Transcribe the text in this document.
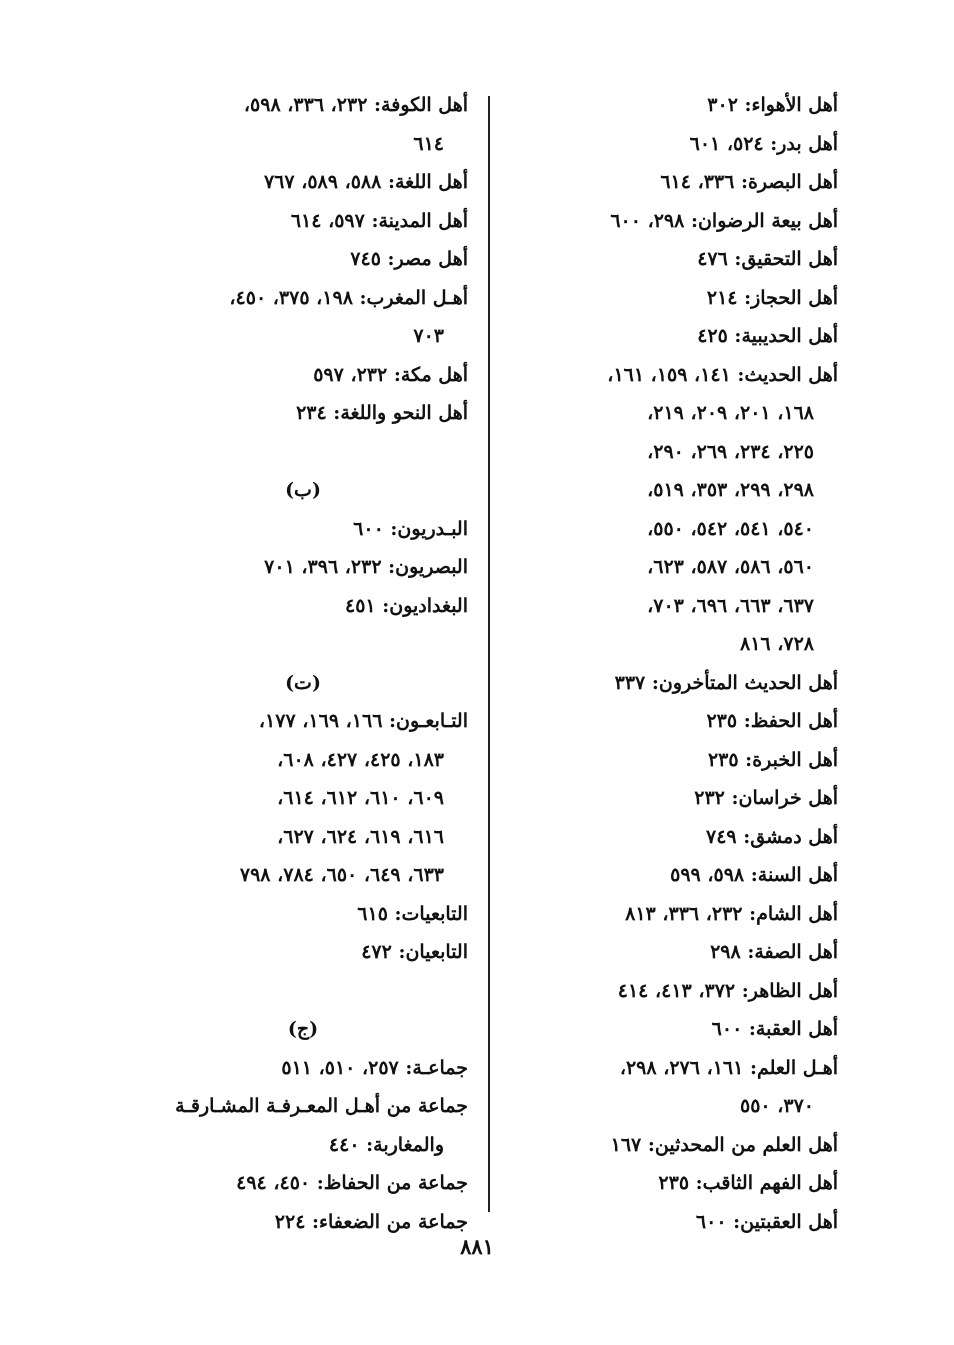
أهل الأهواء: ٣٠٢
أهل بدر: ٥٢٤، ٦٠١
أهل البصرة: ٣٣٦، ٦١٤
أهل بيعة الرضوان: ٢٩٨، ٦٠٠
أهل التحقيق: ٤٧٦
أهل الحجاز: ٢١٤
أهل الحديبية: ٤٢٥
أهل الحديث: ١٤١، ١٥٩، ١٦١،
١٦٨، ٢٠١، ٢٠٩، ٢١٩،
٢٢٥، ٢٣٤، ٢٦٩، ٢٩٠،
٢٩٨، ٢٩٩، ٣٥٣، ٥١٩،
٥٤٠، ٥٤١، ٥٤٢، ٥٥٠،
٥٦٠، ٥٨٦، ٥٨٧، ٦٢٣،
٦٣٧، ٦٦٣، ٦٩٦، ٧٠٣،
٧٢٨، ٨١٦
أهل الحديث المتأخرون: ٣٣٧
أهل الحفظ: ٢٣٥
أهل الخبرة: ٢٣٥
أهل خراسان: ٢٣٢
أهل دمشق: ٧٤٩
أهل السنة: ٥٩٨، ٥٩٩
أهل الشام: ٢٣٢، ٣٣٦، ٨١٣
أهل الصفة: ٢٩٨
أهل الظاهر: ٣٧٢، ٤١٣، ٤١٤
أهل العقبة: ٦٠٠
أهـل العلم: ١٦١، ٢٧٦، ٢٩٨،
٣٧٠، ٥٥٠
أهل العلم من المحدثين: ١٦٧
أهل الفهم الثاقب: ٢٣٥
أهل العقبتين: ٦٠٠
أهل الكوفة: ٢٣٢، ٣٣٦، ٥٩٨،
٦١٤
أهل اللغة: ٥٨٨، ٥٨٩، ٧٦٧
أهل المدينة: ٥٩٧، ٦١٤
أهل مصر: ٧٤٥
أهـل المغرب: ١٩٨، ٣٧٥، ٤٥٠،
٧٠٣
أهل مكة: ٢٣٢، ٥٩٧
أهل النحو واللغة: ٢٣٤
(ب)
البـدريون: ٦٠٠
البصريون: ٢٣٢، ٣٩٦، ٧٠١
البغداديون: ٤٥١
(ت)
التـابعـون: ١٦٦، ١٦٩، ١٧٧،
١٨٣، ٤٢٥، ٤٢٧، ٦٠٨،
٦٠٩، ٦١٠، ٦١٢، ٦١٤،
٦١٦، ٦١٩، ٦٢٤، ٦٢٧،
٦٣٣، ٦٤٩، ٦٥٠، ٧٨٤، ٧٩٨
التابعيات: ٦١٥
التابعيان: ٤٧٢
(ج)
جماعـة: ٢٥٧، ٥١٠، ٥١١
جماعة من أهـل المعـرفـة المشـارقـة
والمغاربة: ٤٤٠
جماعة من الحفاظ: ٤٥٠، ٤٩٤
جماعة من الضعفاء: ٢٢٤
٨٨١
